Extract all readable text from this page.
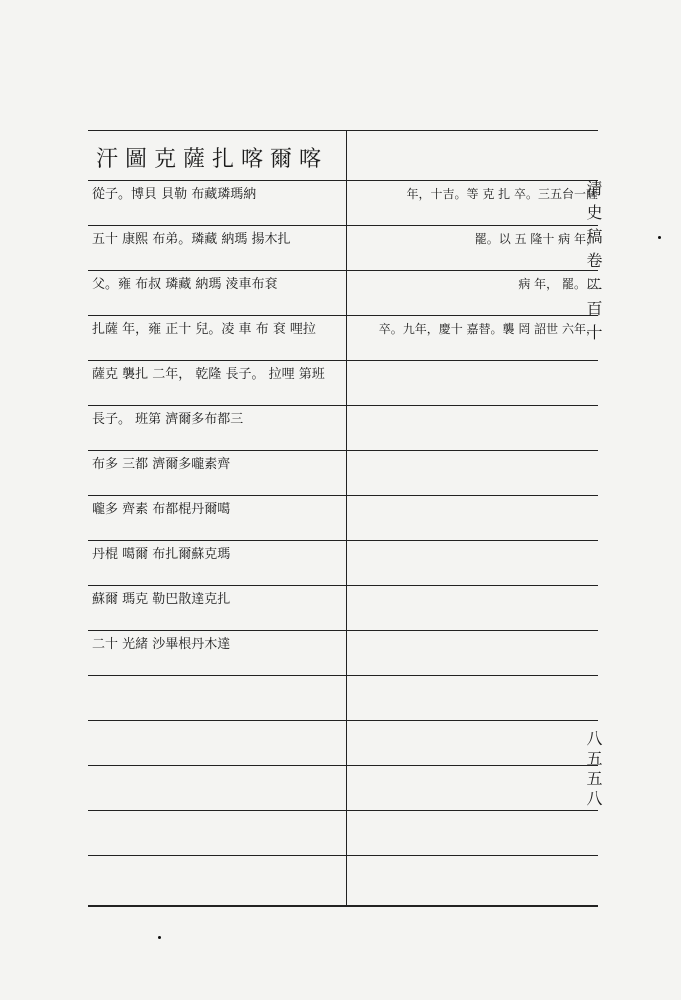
汗圖克薩扎喀爾喀
從子。博貝 貝勒 布藏璘瑪納	年，十吉。等 克 扎 卒。三五台一薩
五十 康熙 布弟。璘藏 納瑪 揚木扎	罷。以 五 隆十 病 年，
父。雍 布叔 璘藏 納瑪 淩車布袞	病 年， 罷。以
扎薩 年，雍 正十 兒。凌 車 布 袞 哩拉	卒。九年，慶十 嘉替。襲 罔 詔世 六年，
薩克 襲扎 二年， 乾隆 長子。 拉哩 第班
長子。 班第 濟爾多布都三
布多 三都 濟爾多嚨素齊
嚨多 齊素 布都棍丹爾噶
丹棍 噶爾 布扎爾蘇克瑪
蘇爾 瑪克 勒巴散達克扎
二十 光緒 沙畢根丹木達
清史稿卷二百十
八五五八
